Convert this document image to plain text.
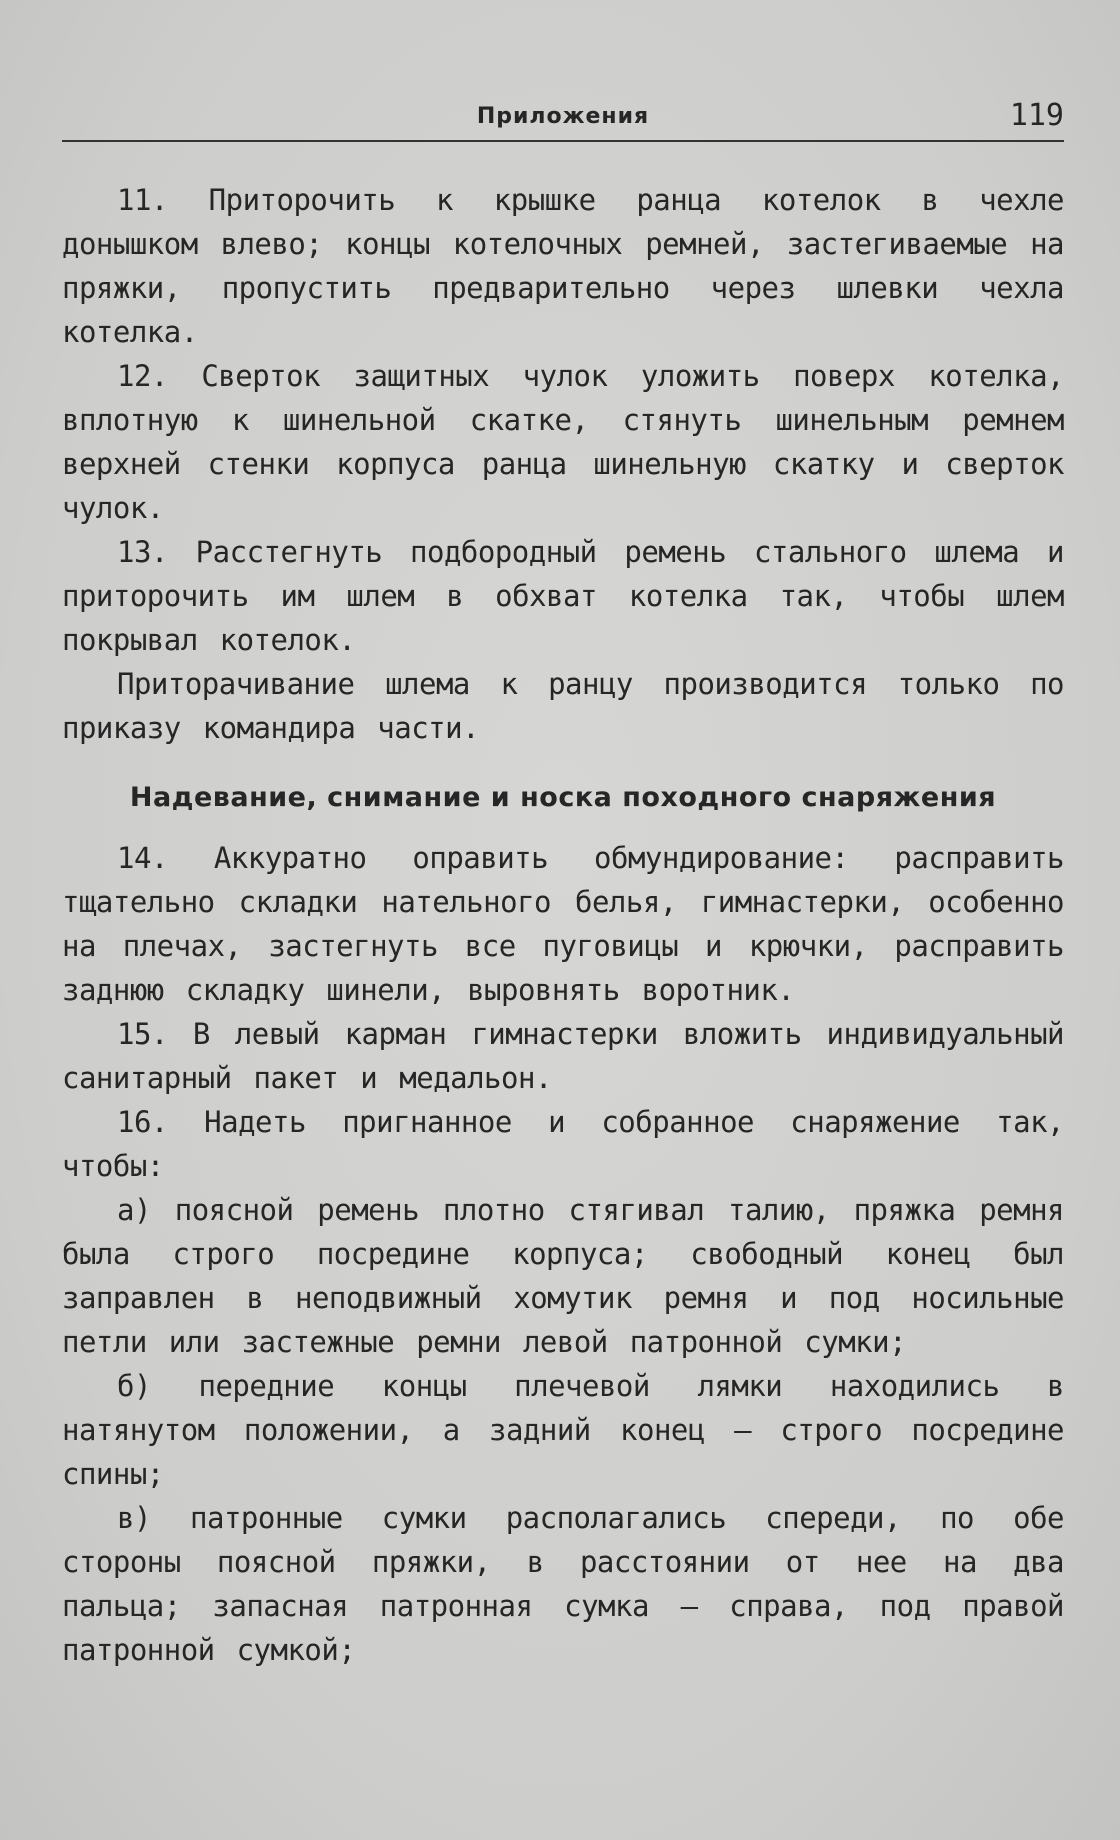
Приложения	119

11. Приторочить к крышке ранца котелок в чехле донышком влево; концы котелочных ремней, застегиваемые на пряжки, пропустить предварительно через шлевки чехла котелка.

12. Сверток защитных чулок уложить поверх котелка, вплотную к шинельной скатке, стянуть шинельным ремнем верхней стенки корпуса ранца шинельную скатку и сверток чулок.

13. Расстегнуть подбородный ремень стального шлема и приторочить им шлем в обхват котелка так, чтобы шлем покрывал котелок.

Приторачивание шлема к ранцу производится только по приказу командира части.

Надевание, снимание и носка походного снаряжения

14. Аккуратно оправить обмундирование: расправить тщательно складки нательного белья, гимнастерки, особенно на плечах, застегнуть все пуговицы и крючки, расправить заднюю складку шинели, выровнять воротник.

15. В левый карман гимнастерки вложить индивидуальный санитарный пакет и медальон.

16. Надеть пригнанное и собранное снаряжение так, чтобы:

а) поясной ремень плотно стягивал талию, пряжка ремня была строго посредине корпуса; свободный конец был заправлен в неподвижный хомутик ремня и под носильные петли или застежные ремни левой патронной сумки;

б) передние концы плечевой лямки находились в натянутом положении, а задний конец — строго посредине спины;

в) патронные сумки располагались спереди, по обе стороны поясной пряжки, в расстоянии от нее на два пальца; запасная патронная сумка — справа, под правой патронной сумкой;
